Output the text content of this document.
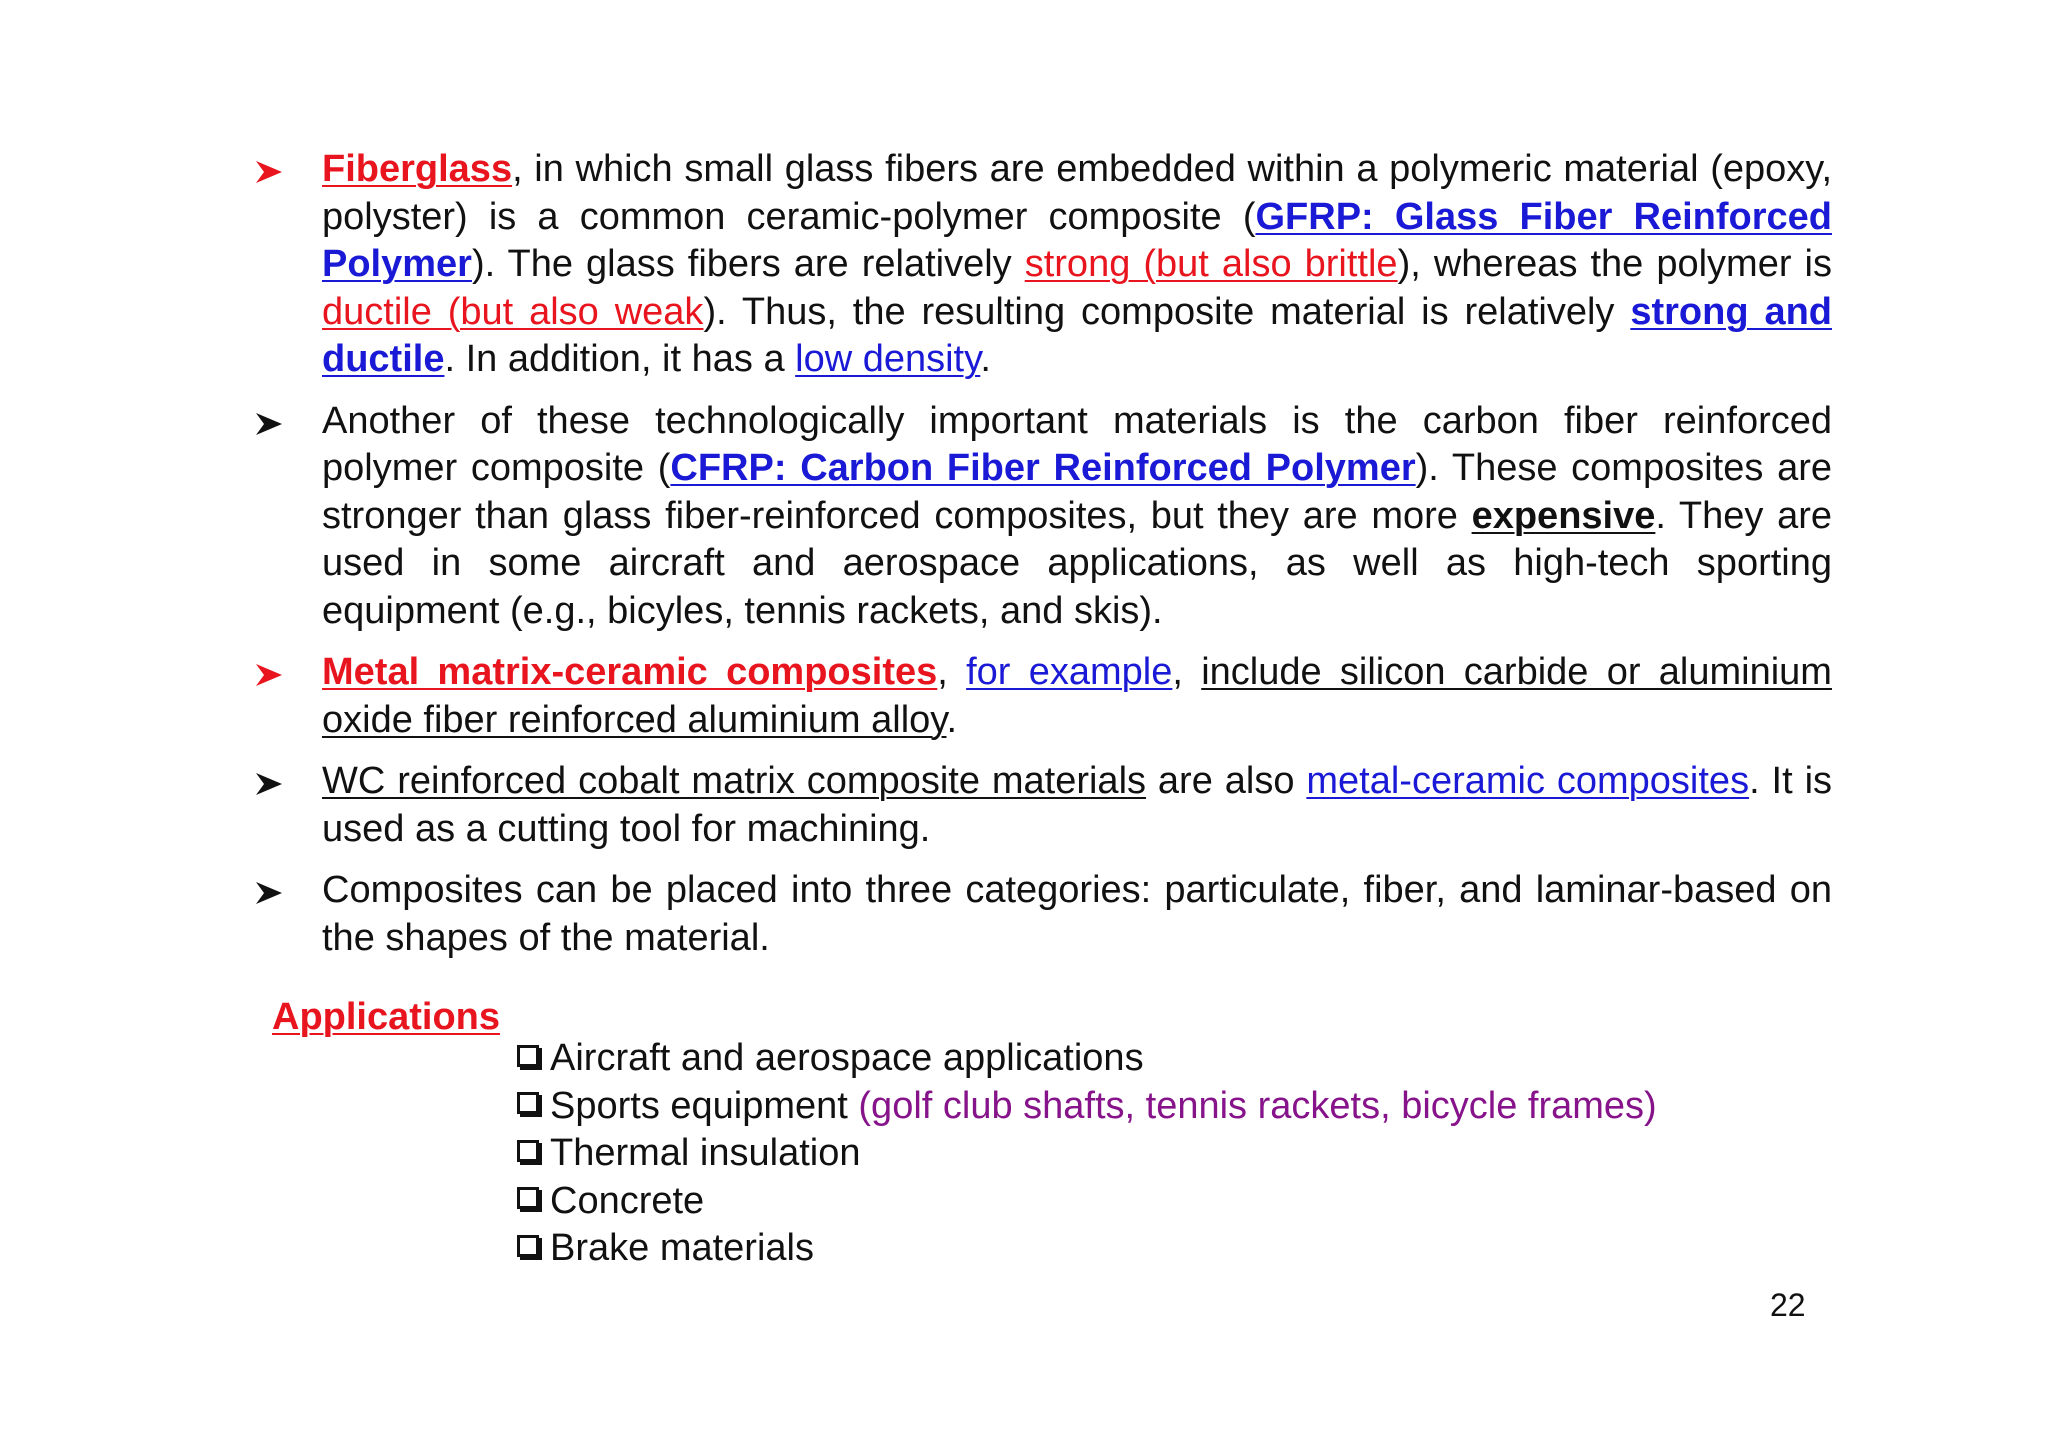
Fiberglass, in which small glass fibers are embedded within a polymeric material (epoxy, polyster) is a common ceramic-polymer composite (GFRP: Glass Fiber Reinforced Polymer). The glass fibers are relatively strong (but also brittle), whereas the polymer is ductile (but also weak). Thus, the resulting composite material is relatively strong and ductile. In addition, it has a low density.
Another of these technologically important materials is the carbon fiber reinforced polymer composite (CFRP: Carbon Fiber Reinforced Polymer). These composites are stronger than glass fiber-reinforced composites, but they are more expensive. They are used in some aircraft and aerospace applications, as well as high-tech sporting equipment (e.g., bicyles, tennis rackets, and skis).
Metal matrix-ceramic composites, for example, include silicon carbide or aluminium oxide fiber reinforced aluminium alloy.
WC reinforced cobalt matrix composite materials are also metal-ceramic composites. It is used as a cutting tool for machining.
Composites can be placed into three categories: particulate, fiber, and laminar-based on the shapes of the material.
Applications
Aircraft and aerospace applications
Sports equipment (golf club shafts, tennis rackets, bicycle frames)
Thermal insulation
Concrete
Brake materials
22
